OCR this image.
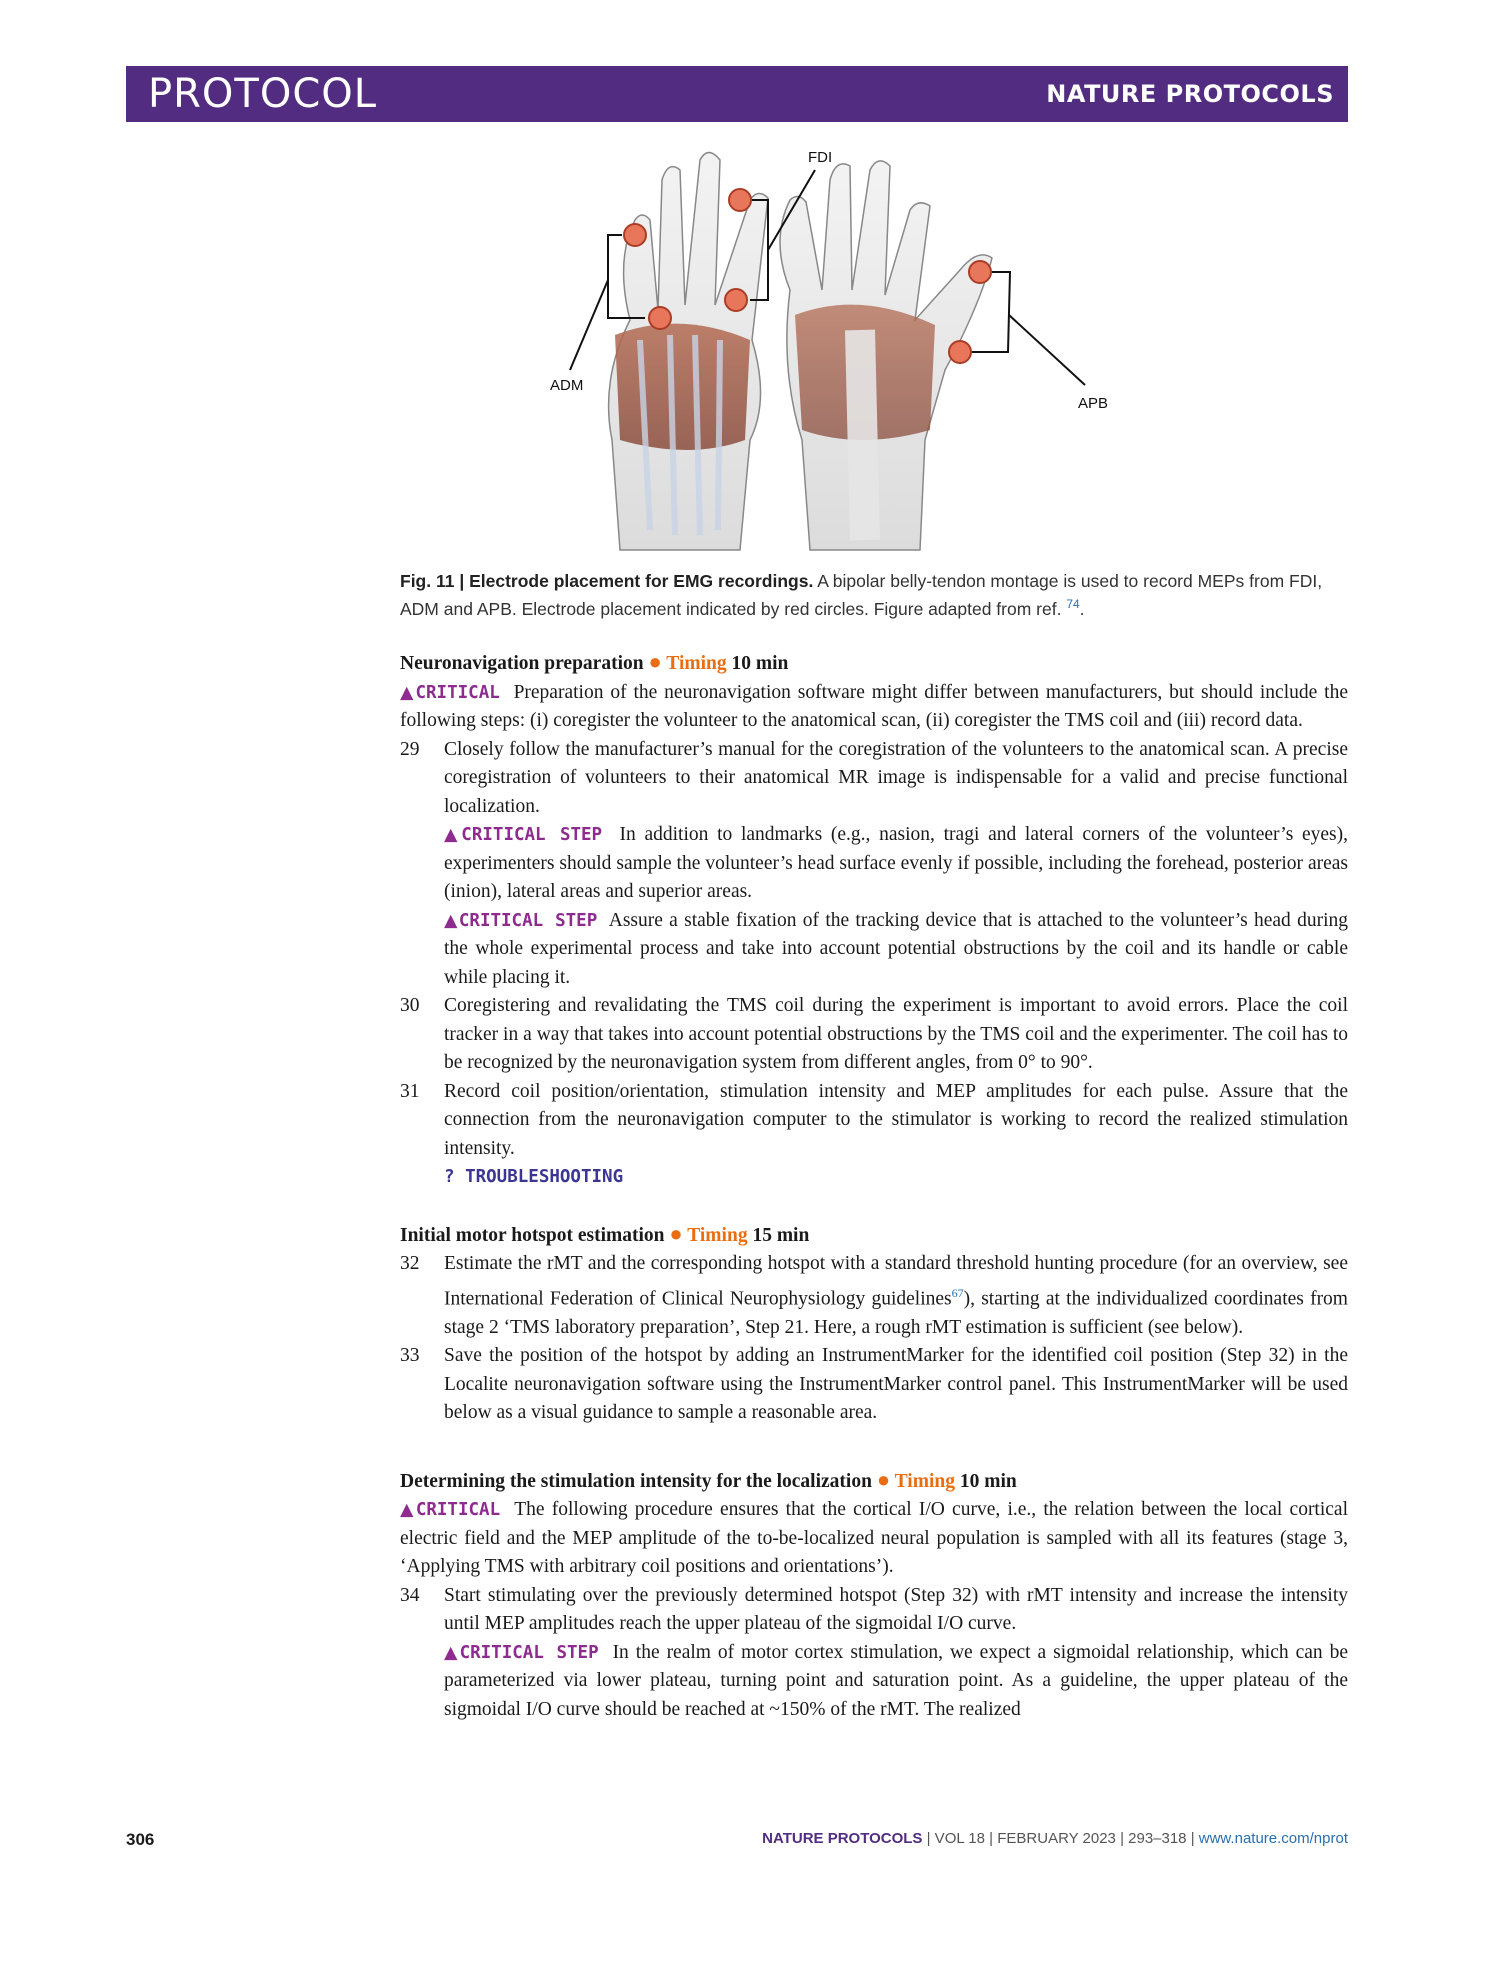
PROTOCOL	NATURE PROTOCOLS
ADM
FDI
APB
Fig. 11 | Electrode placement for EMG recordings. A bipolar belly-tendon montage is used to record MEPs from FDI, ADM and APB. Electrode placement indicated by red circles. Figure adapted from ref. $^{74}$.

Neuronavigation preparation ● Timing 10 min

▲CRITICAL Preparation of the neuronavigation software might differ between manufacturers, but should include the following steps: (i) coregister the volunteer to the anatomical scan, (ii) coregister the TMS coil and (iii) record data.

29 Closely follow the manufacturer’s manual for the coregistration of the volunteers to the anatomical scan. A precise coregistration of volunteers to their anatomical MR image is indispensable for a valid and precise functional localization.

▲CRITICAL STEP In addition to landmarks (e.g., nasion, tragi and lateral corners of the volunteer’s eyes), experimenters should sample the volunteer’s head surface evenly if possible, including the forehead, posterior areas (inion), lateral areas and superior areas.

▲CRITICAL STEP Assure a stable fixation of the tracking device that is attached to the volunteer’s head during the whole experimental process and take into account potential obstructions by the coil and its handle or cable while placing it.

30 Coregistering and revalidating the TMS coil during the experiment is important to avoid errors. Place the coil tracker in a way that takes into account potential obstructions by the TMS coil and the experimenter. The coil has to be recognized by the neuronavigation system from different angles, from 0° to 90°.

31 Record coil position/orientation, stimulation intensity and MEP amplitudes for each pulse. Assure that the connection from the neuronavigation computer to the stimulator is working to record the realized stimulation intensity.

? TROUBLESHOOTING

Initial motor hotspot estimation ● Timing 15 min

32 Estimate the rMT and the corresponding hotspot with a standard threshold hunting procedure (for an overview, see International Federation of Clinical Neurophysiology guidelines$^{67}$), starting at the individualized coordinates from stage 2 ‘TMS laboratory preparation’, Step 21. Here, a rough rMT estimation is sufficient (see below).

33 Save the position of the hotspot by adding an InstrumentMarker for the identified coil position (Step 32) in the Localite neuronavigation software using the InstrumentMarker control panel. This InstrumentMarker will be used below as a visual guidance to sample a reasonable area.

Determining the stimulation intensity for the localization ● Timing 10 min

▲CRITICAL The following procedure ensures that the cortical I/O curve, i.e., the relation between the local cortical electric field and the MEP amplitude of the to-be-localized neural population is sampled with all its features (stage 3, ‘Applying TMS with arbitrary coil positions and orientations’).

34 Start stimulating over the previously determined hotspot (Step 32) with rMT intensity and increase the intensity until MEP amplitudes reach the upper plateau of the sigmoidal I/O curve.

▲CRITICAL STEP In the realm of motor cortex stimulation, we expect a sigmoidal relationship, which can be parameterized via lower plateau, turning point and saturation point. As a guideline, the upper plateau of the sigmoidal I/O curve should be reached at ~150% of the rMT. The realized

306	NATURE PROTOCOLS | VOL 18 | FEBRUARY 2023 | 293–318 | www.nature.com/nprot
